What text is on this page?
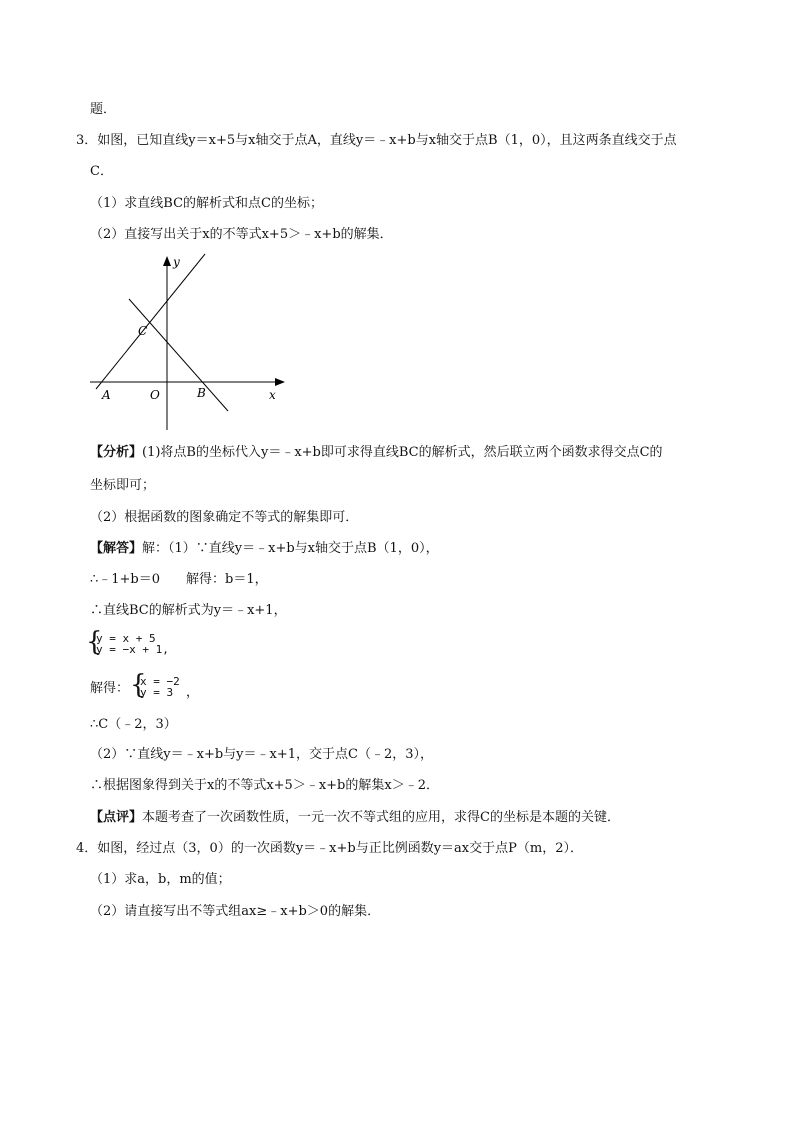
题．
3．如图，已知直线y＝x+5与x轴交于点A，直线y＝﹣x+b与x轴交于点B（1，0），且这两条直线交于点
C．
（1）求直线BC的解析式和点C的坐标；
（2）直接写出关于x的不等式x+5＞﹣x+b的解集．
y
C
A	O	B	x
【分析】(1)将点B的坐标代入y＝﹣x+b即可求得直线BC的解析式，然后联立两个函数求得交点C的
坐标即可；
（2）根据函数的图象确定不等式的解集即可．
【解答】解：（1）∵直线y＝﹣x+b与x轴交于点B（1，0），
∴﹣1+b＝0　　解得：b＝1，
∴直线BC的解析式为y＝﹣x+1，
{
y = x + 5
y = −x + 1,
解得： {
x = −2
y = 3 ，
∴C（﹣2，3）
（2）∵直线y＝﹣x+b与y＝﹣x+1，交于点C（﹣2，3），
∴根据图象得到关于x的不等式x+5＞﹣x+b的解集x＞﹣2．
【点评】本题考查了一次函数性质，一元一次不等式组的应用，求得C的坐标是本题的关键．
4．如图，经过点（3，0）的一次函数y＝﹣x+b与正比例函数y＝ax交于点P（m，2）．
（1）求a，b，m的值；
（2）请直接写出不等式组ax≥﹣x+b＞0的解集．
